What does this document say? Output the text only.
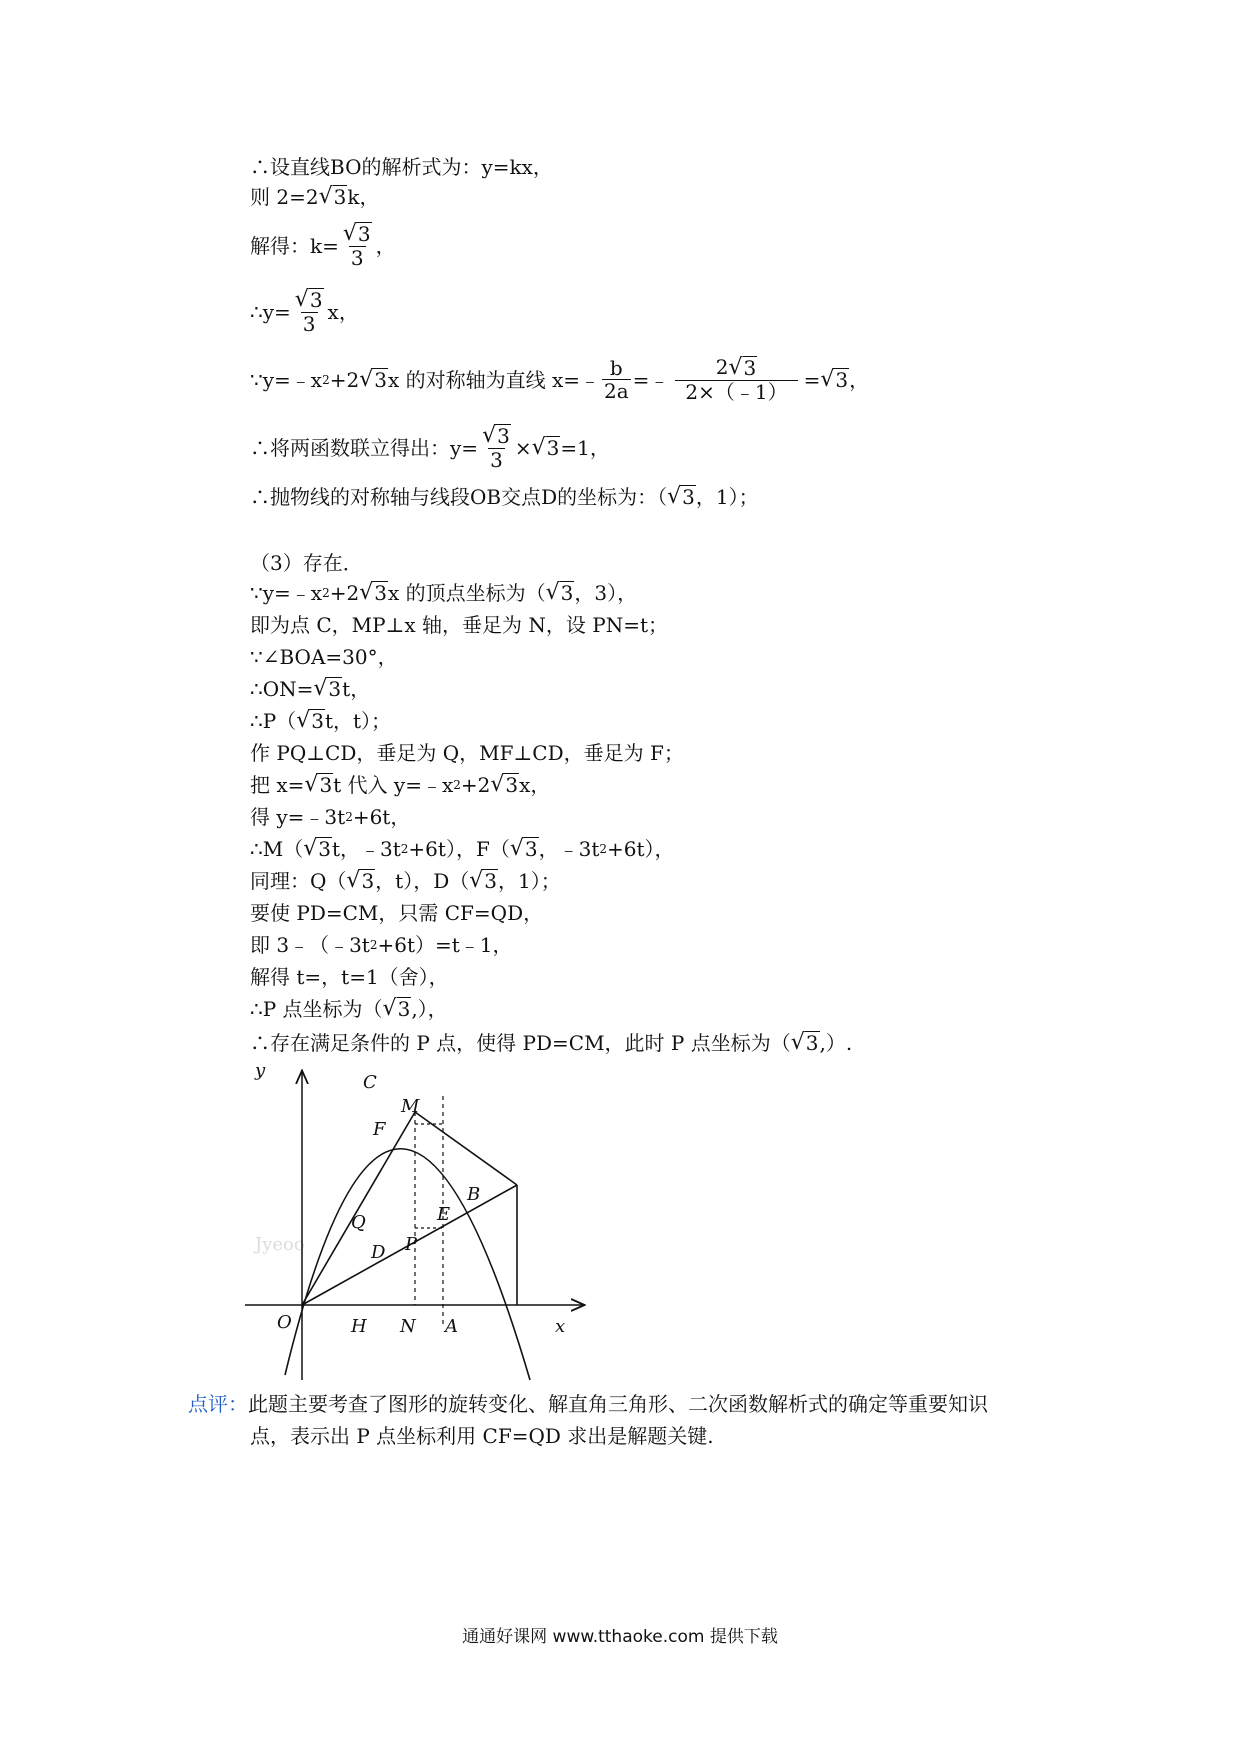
∴设直线BO的解析式为：y=kx，
则 2=2 √ 3 k，
解得：$k= \frac{√ 3}{3}$ ，
∴y= $\frac{√ 3}{3}$ x，
∵y=﹣x 2 +2 √ 3 x 的对称轴为直线 x=﹣ $\frac{b}{2a}$ =﹣ $\frac{2 √ 3}{2\times(﹣1)}$ = √ 3 ，
∴将两函数联立得出：$y= \frac{√ 3}{3}$ × √ 3 =1，
∴抛物线的对称轴与线段OB交点D的坐标为：（ √ 3 ，1）；
（3）存在．
∵y=﹣x 2 +2 √ 3 x 的顶点坐标为（ √ 3 ，3），
即为点 C，MP⊥x 轴，垂足为 N，设 PN=t；
∵∠BOA=30°，
∴ON= √ 3 t，
∴P（ √ 3 t，t）；
作 PQ⊥CD，垂足为 Q，MF⊥CD，垂足为 F；
把 x= √ 3 t 代入 y=﹣x 2 +2 √ 3 x，
得 y=﹣3t 2 +6t，
∴M（ √ 3 t，﹣3t 2 +6t），F（ √ 3 ，﹣3t 2 +6t），
同理：Q（ √ 3 ，t），D（ √ 3 ，1）；
要使 PD=CM，只需 CF=QD，
即 3﹣（﹣3t 2 +6t）=t﹣1，
解得 t=，t=1（舍），
∴P 点坐标为（ √ 3 ,），
∴存在满足条件的 P 点，使得 PD=CM，此时 P 点坐标为（ √ 3 ,）.
Jyeoo
y
x
O
C
M
F
B
Q	E
D P
H N A
点评：此题主要考查了图形的旋转变化、解直角三角形、二次函数解析式的确定等重要知识
点，表示出 P 点坐标利用 CF=QD 求出是解题关键.
通通好课网 www.tthaoke.com 提供下载
